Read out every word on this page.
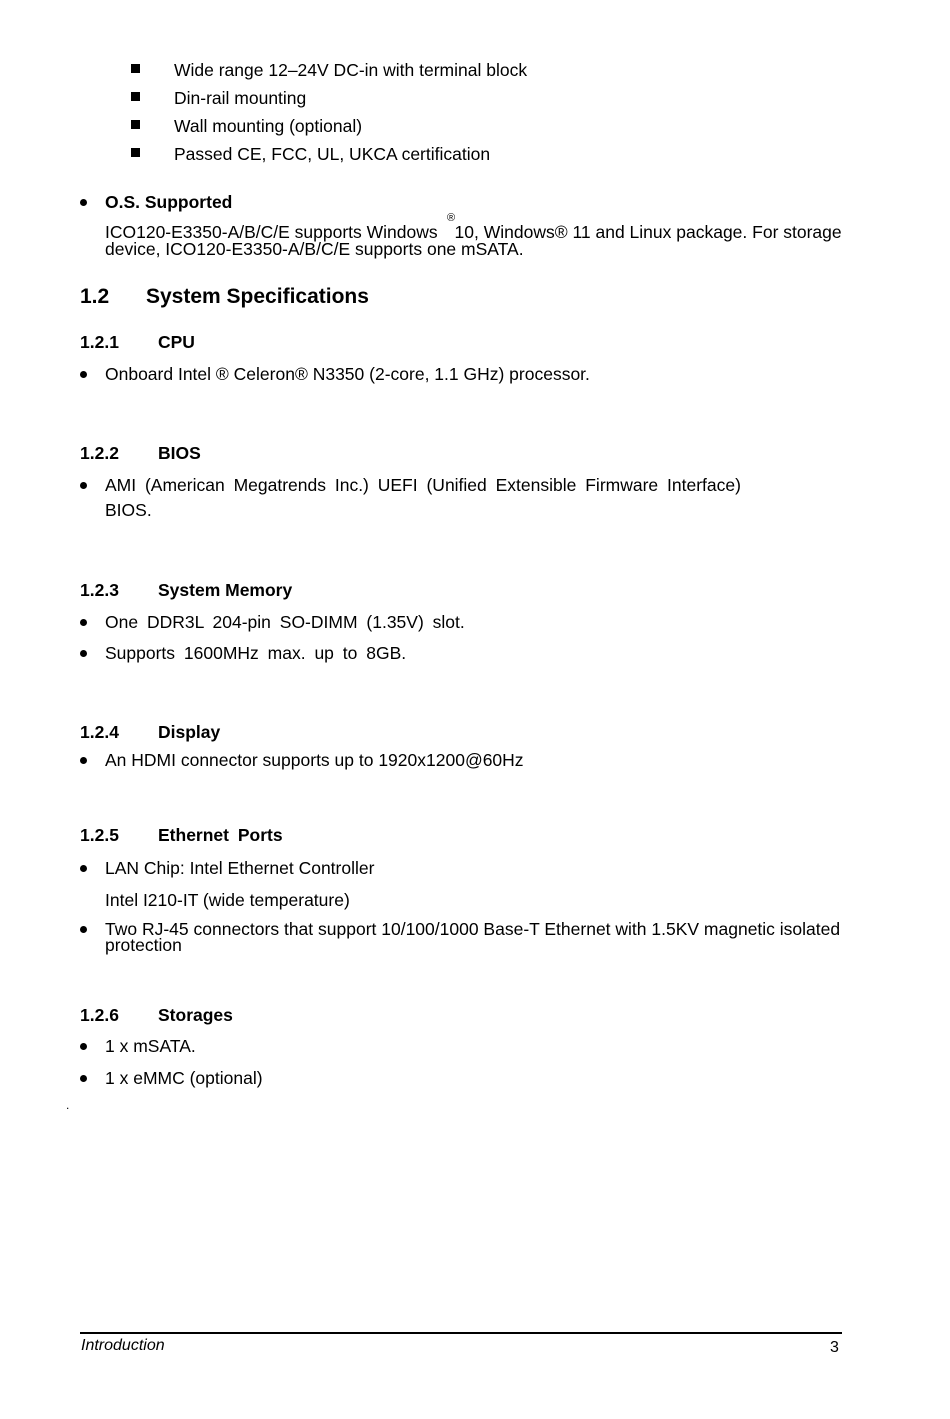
Wide range 12–24V DC-in with terminal block
Din-rail mounting
Wall mounting (optional)
Passed CE, FCC, UL, UKCA certification
O.S. Supported
ICO120-E3350-A/B/C/E supports Windows
®
10, Windows® 11 and Linux package. For storage
device, ICO120-E3350-A/B/C/E supports one mSATA.
1.2 System Specifications
1.2.1 CPU
Onboard Intel ® Celeron® N3350 (2-core, 1.1 GHz) processor.
1.2.2 BIOS
AMI (American Megatrends Inc.) UEFI (Unified Extensible Firmware Interface)
BIOS.
1.2.3 System Memory
One DDR3L 204-pin SO-DIMM (1.35V) slot.
Supports 1600MHz max. up to 8GB.
1.2.4 Display
An HDMI connector supports up to 1920x1200@60Hz
1.2.5 Ethernet Ports
LAN Chip: Intel Ethernet Controller
Intel I210-IT (wide temperature)
Two RJ-45 connectors that support 10/100/1000 Base-T Ethernet with 1.5KV magnetic isolated
protection
1.2.6 Storages
1 x mSATA.
1 x eMMC (optional)
.
Introduction	3
